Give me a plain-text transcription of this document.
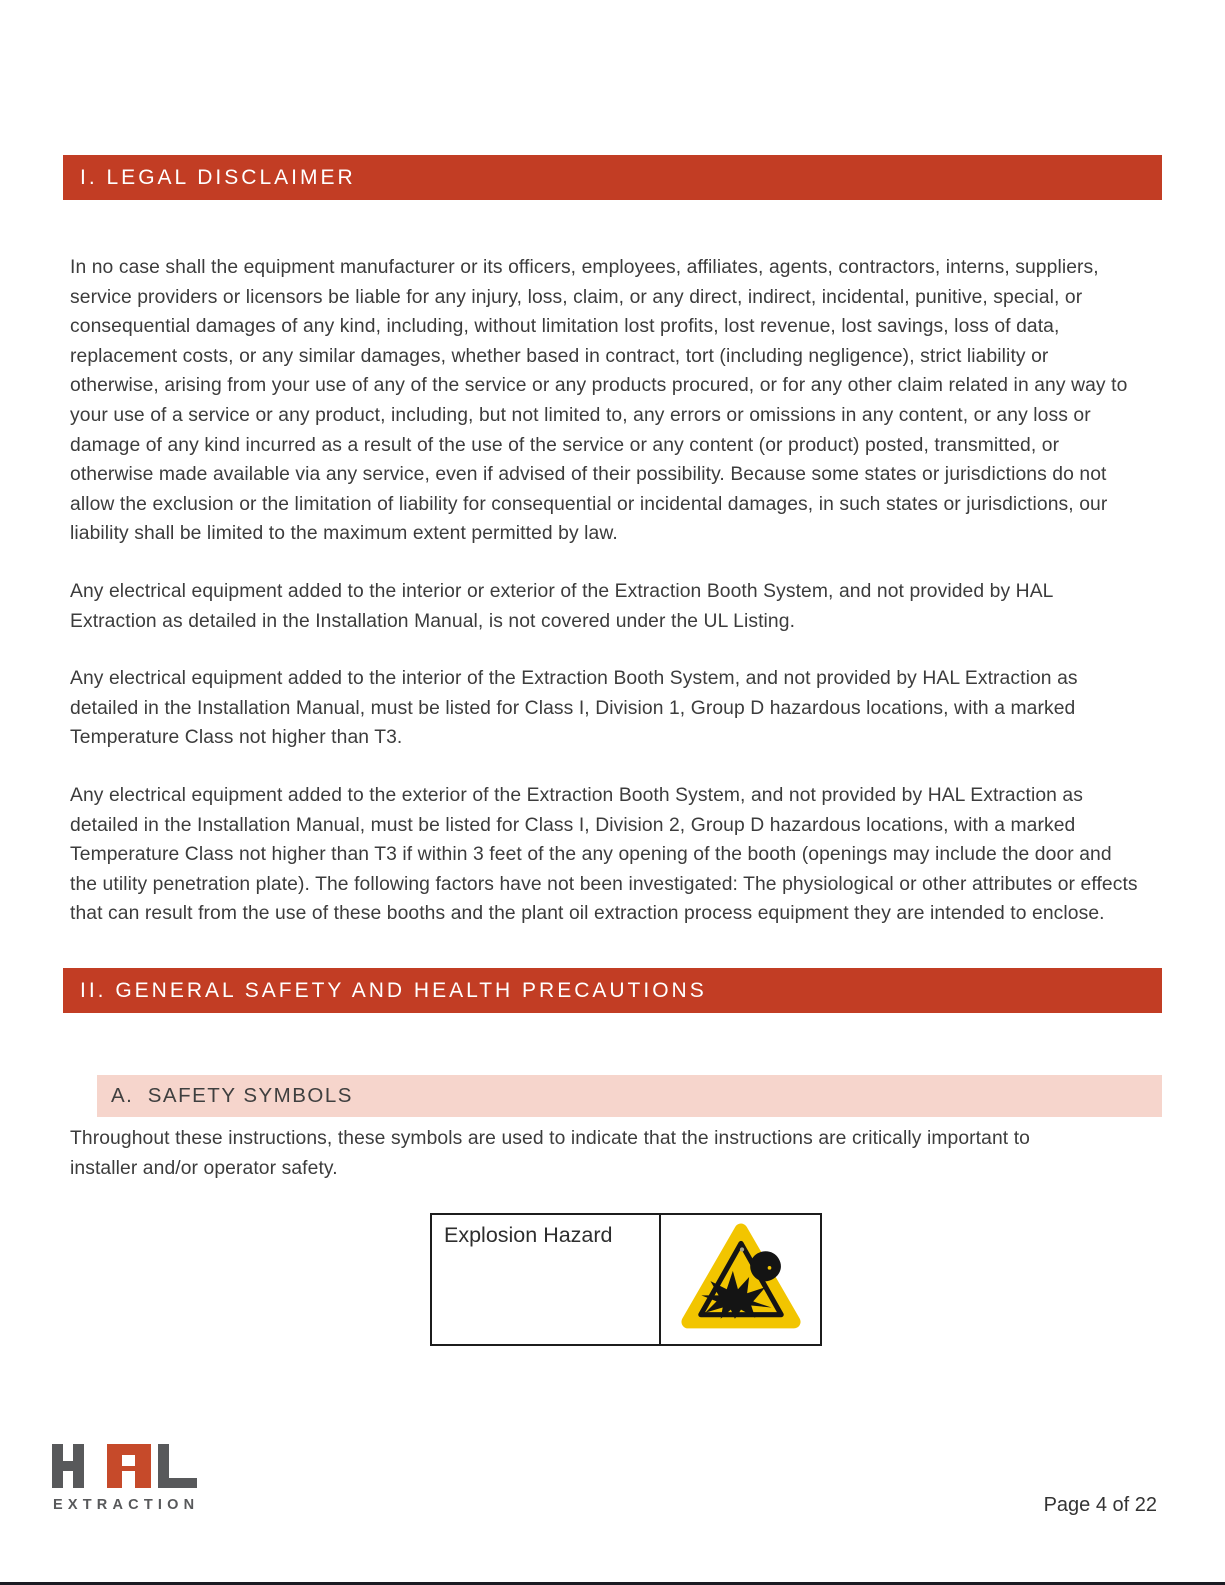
I. LEGAL DISCLAIMER

In no case shall the equipment manufacturer or its officers, employees, affiliates, agents, contractors, interns, suppliers, service providers or licensors be liable for any injury, loss, claim, or any direct, indirect, incidental, punitive, special, or consequential damages of any kind, including, without limitation lost profits, lost revenue, lost savings, loss of data, replacement costs, or any similar damages, whether based in contract, tort (including negligence), strict liability or otherwise, arising from your use of any of the service or any products procured, or for any other claim related in any way to your use of a service or any product, including, but not limited to, any errors or omissions in any content, or any loss or damage of any kind incurred as a result of the use of the service or any content (or product) posted, transmitted, or otherwise made available via any service, even if advised of their possibility. Because some states or jurisdictions do not allow the exclusion or the limitation of liability for consequential or incidental damages, in such states or jurisdictions, our liability shall be limited to the maximum extent permitted by law.

Any electrical equipment added to the interior or exterior of the Extraction Booth System, and not provided by HAL Extraction as detailed in the Installation Manual, is not covered under the UL Listing.

Any electrical equipment added to the interior of the Extraction Booth System, and not provided by HAL Extraction as detailed in the Installation Manual, must be listed for Class I, Division 1, Group D hazardous locations, with a marked Temperature Class not higher than T3.

Any electrical equipment added to the exterior of the Extraction Booth System, and not provided by HAL Extraction as detailed in the Installation Manual, must be listed for Class I, Division 2, Group D hazardous locations, with a marked Temperature Class not higher than T3 if within 3 feet of the any opening of the booth (openings may include the door and the utility penetration plate). The following factors have not been investigated: The physiological or other attributes or effects that can result from the use of these booths and the plant oil extraction process equipment they are intended to enclose.

II. GENERAL SAFETY AND HEALTH PRECAUTIONS
A.  SAFETY SYMBOLS

Throughout these instructions, these symbols are used to indicate that the instructions are critically important to installer and/or operator safety.

Explosion Hazard	
EXTRACTION	Page 4 of 22
